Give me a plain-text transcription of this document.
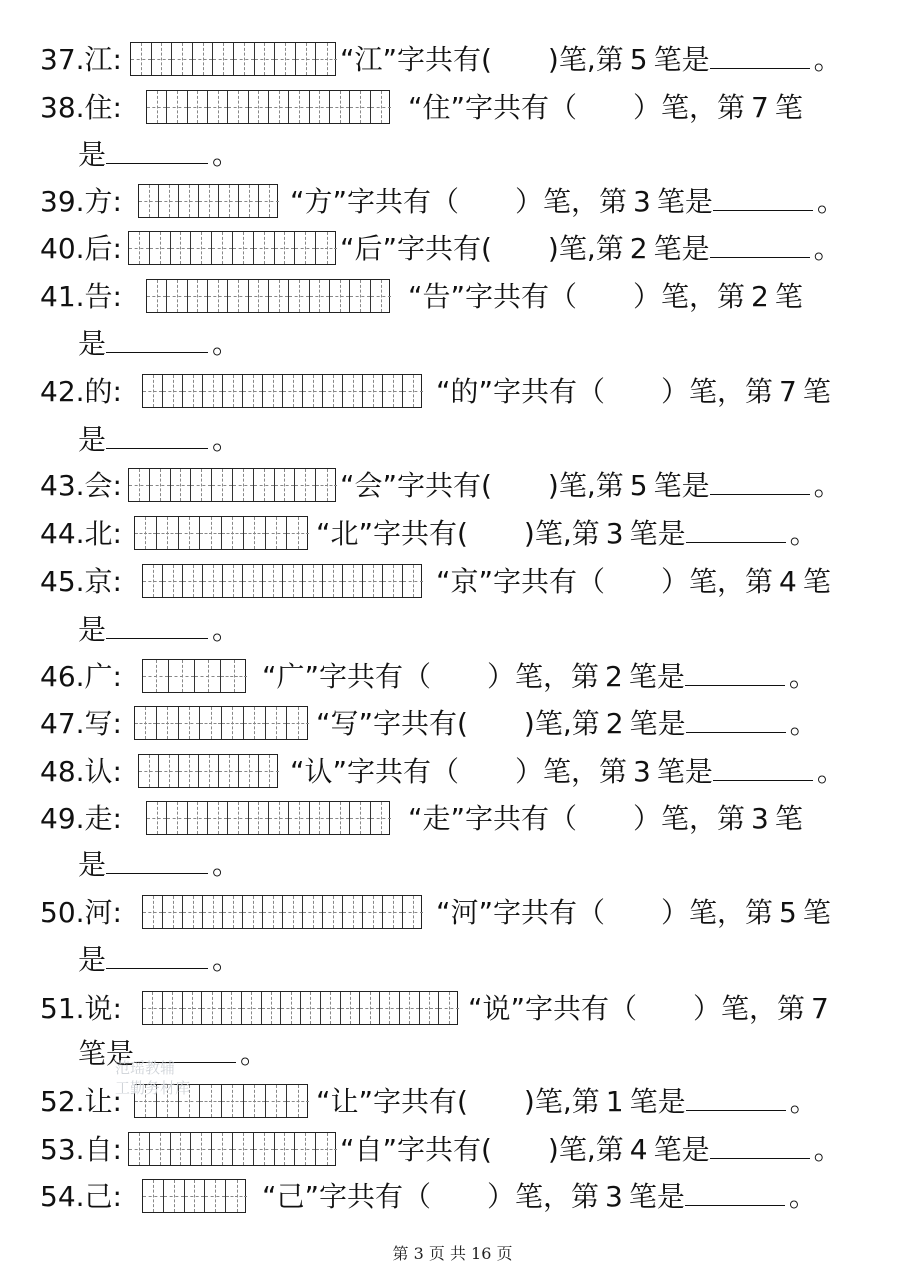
37.江:	“江”字共有(　　)笔,第 5 笔是	。
38.住:	“住”字共有（　　）笔，第 7 笔
是	。
39.方:	“方”字共有（　　）笔，第 3 笔是	。
40.后:	“后”字共有(　　)笔,第 2 笔是	。
41.告:	“告”字共有（　　）笔，第 2 笔
是	。
42.的:	“的”字共有（　　）笔，第 7 笔
是	。
43.会:	“会”字共有(　　)笔,第 5 笔是	。
44.北:	“北”字共有(　　)笔,第 3 笔是	。
45.京:	“京”字共有（　　）笔，第 4 笔
是	。
46.广:	“广”字共有（　　）笔，第 2 笔是	。
47.写:	“写”字共有(　　)笔,第 2 笔是	。
48.认:	“认”字共有（　　）笔，第 3 笔是	。
49.走:	“走”字共有（　　）笔，第 3 笔
是	。
50.河:	“河”字共有（　　）笔，第 5 笔
是	。
51.说:	“说”字共有（　　）笔，第 7
笔是	。
52.让:	“让”字共有(　　)笔,第 1 笔是	。
53.自:	“自”字共有(　　)笔,第 4 笔是	。
54.己:	“己”字共有（　　）笔，第 3 笔是	。
范瑶教辅
工勤务材库
第 3 页 共 16 页
